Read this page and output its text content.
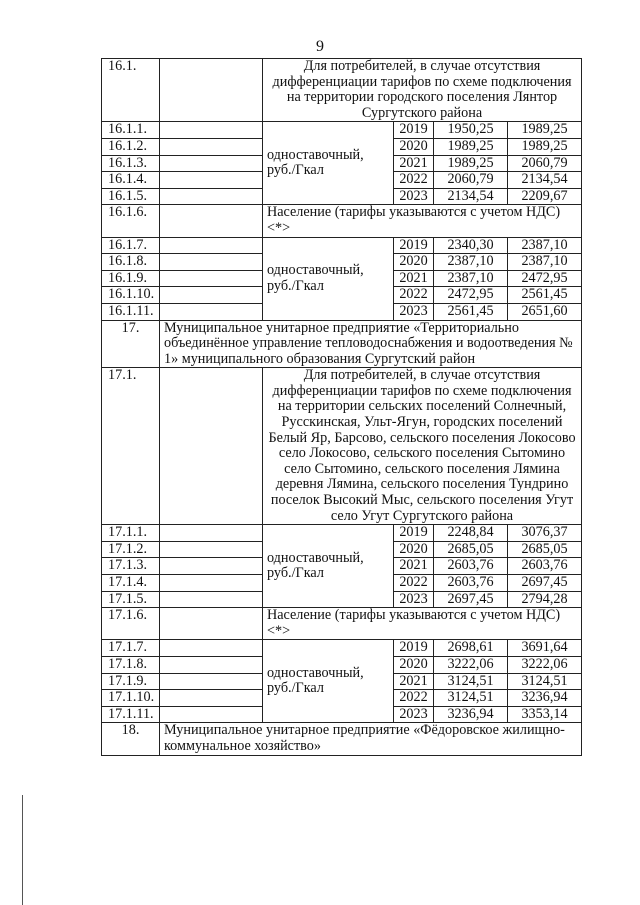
9
16.1.		Для потребителей, в случае отсутствия дифференциации тарифов по схеме подключения на территории городского поселения Лянтор Сургутского района			
16.1.1.		одноставочный, руб./Гкал	2019	1950,25	1989,25
16.1.2.			2020	1989,25	1989,25
16.1.3.			2021	1989,25	2060,79
16.1.4.			2022	2060,79	2134,54
16.1.5.			2023	2134,54	2209,67
16.1.6.		Население (тарифы указываются с учетом НДС) <*>			
16.1.7.		одноставочный, руб./Гкал	2019	2340,30	2387,10
16.1.8.			2020	2387,10	2387,10
16.1.9.			2021	2387,10	2472,95
16.1.10.			2022	2472,95	2561,45
16.1.11.			2023	2561,45	2651,60
17.	Муниципальное унитарное предприятие «Территориально объединённое управление тепловодоснабжения и водоотведения № 1» муниципального образования Сургутский район				
17.1.		Для потребителей, в случае отсутствия дифференциации тарифов по схеме подключения на территории сельских поселений Солнечный, Русскинская, Ульт-Ягун, городских поселений Белый Яр, Барсово, сельского поселения Локосово село Локосово, сельского поселения Сытомино село Сытомино, сельского поселения Лямина деревня Лямина, сельского поселения Тундрино поселок Высокий Мыс, сельского поселения Угут село Угут Сургутского района			
17.1.1.		одноставочный, руб./Гкал	2019	2248,84	3076,37
17.1.2.			2020	2685,05	2685,05
17.1.3.			2021	2603,76	2603,76
17.1.4.			2022	2603,76	2697,45
17.1.5.			2023	2697,45	2794,28
17.1.6.		Население (тарифы указываются с учетом НДС) <*>			
17.1.7.		одноставочный, руб./Гкал	2019	2698,61	3691,64
17.1.8.			2020	3222,06	3222,06
17.1.9.			2021	3124,51	3124,51
17.1.10.			2022	3124,51	3236,94
17.1.11.			2023	3236,94	3353,14
18.	Муниципальное унитарное предприятие «Фёдоровское жилищно-коммунальное хозяйство»				
